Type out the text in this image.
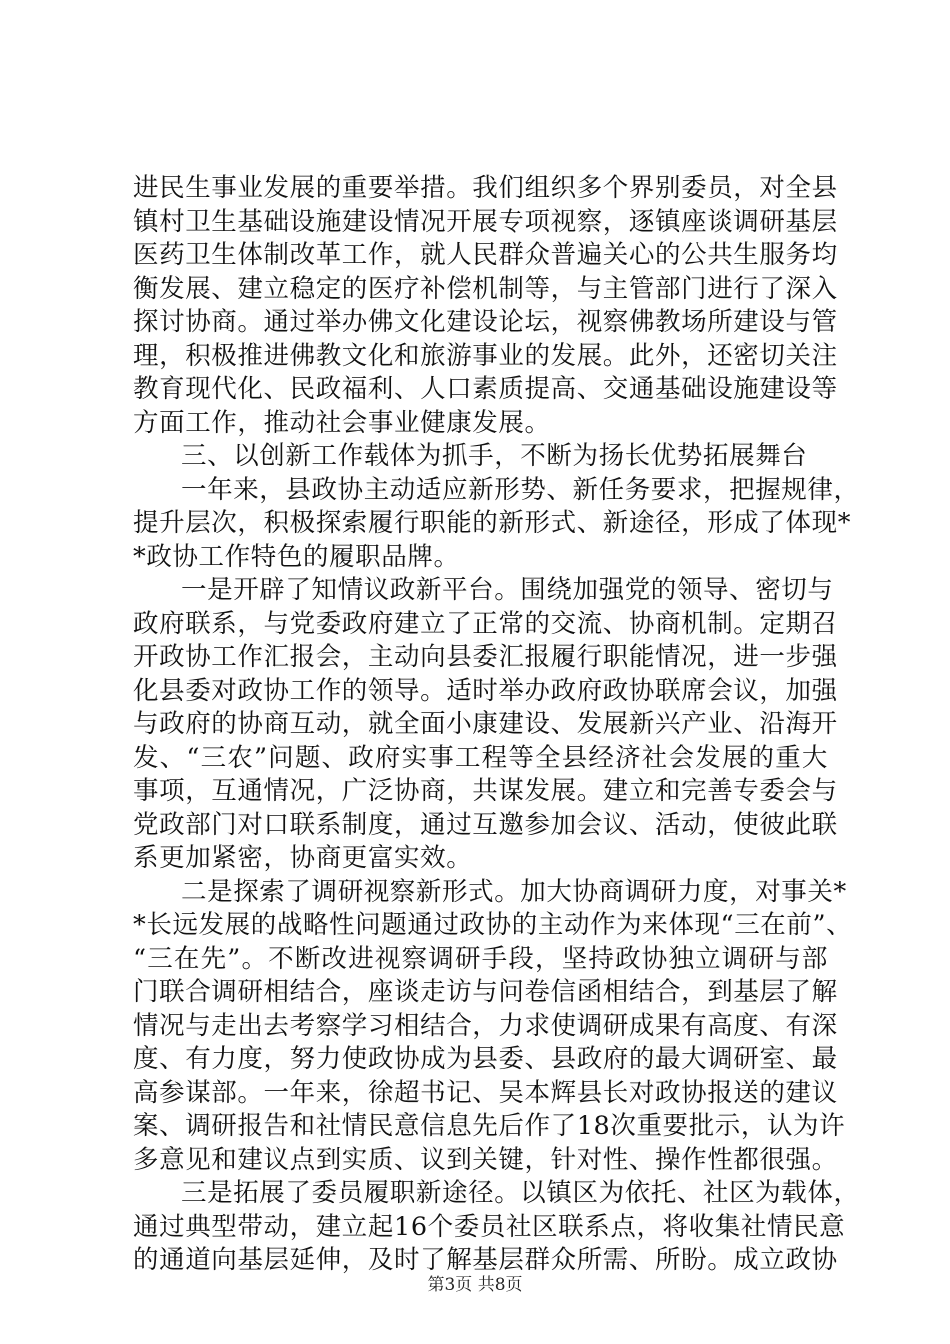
进民生事业发展的重要举措。我们组织多个界别委员，对全县
镇村卫生基础设施建设情况开展专项视察，逐镇座谈调研基层
医药卫生体制改革工作，就人民群众普遍关心的公共生服务均
衡发展、建立稳定的医疗补偿机制等，与主管部门进行了深入
探讨协商。通过举办佛文化建设论坛，视察佛教场所建设与管
理，积极推进佛教文化和旅游事业的发展。此外，还密切关注
教育现代化、民政福利、人口素质提高、交通基础设施建设等
方面工作，推动社会事业健康发展。
三、以创新工作载体为抓手，不断为扬长优势拓展舞台
一年来，县政协主动适应新形势、新任务要求，把握规律，
提升层次，积极探索履行职能的新形式、新途径，形成了体现*
*政协工作特色的履职品牌。
一是开辟了知情议政新平台。围绕加强党的领导、密切与
政府联系，与党委政府建立了正常的交流、协商机制。定期召
开政协工作汇报会，主动向县委汇报履行职能情况，进一步强
化县委对政协工作的领导。适时举办政府政协联席会议，加强
与政府的协商互动，就全面小康建设、发展新兴产业、沿海开
发、“三农”问题、政府实事工程等全县经济社会发展的重大
事项，互通情况，广泛协商，共谋发展。建立和完善专委会与
党政部门对口联系制度，通过互邀参加会议、活动，使彼此联
系更加紧密，协商更富实效。
二是探索了调研视察新形式。加大协商调研力度，对事关*
*长远发展的战略性问题通过政协的主动作为来体现“三在前”、
“三在先”。不断改进视察调研手段，坚持政协独立调研与部
门联合调研相结合，座谈走访与问卷信函相结合，到基层了解
情况与走出去考察学习相结合，力求使调研成果有高度、有深
度、有力度，努力使政协成为县委、县政府的最大调研室、最
高参谋部。一年来，徐超书记、吴本辉县长对政协报送的建议
案、调研报告和社情民意信息先后作了18次重要批示，认为许
多意见和建议点到实质、议到关键，针对性、操作性都很强。
三是拓展了委员履职新途径。以镇区为依托、社区为载体，
通过典型带动，建立起16个委员社区联系点，将收集社情民意
的通道向基层延伸，及时了解基层群众所需、所盼。成立政协
第3页 共8页
